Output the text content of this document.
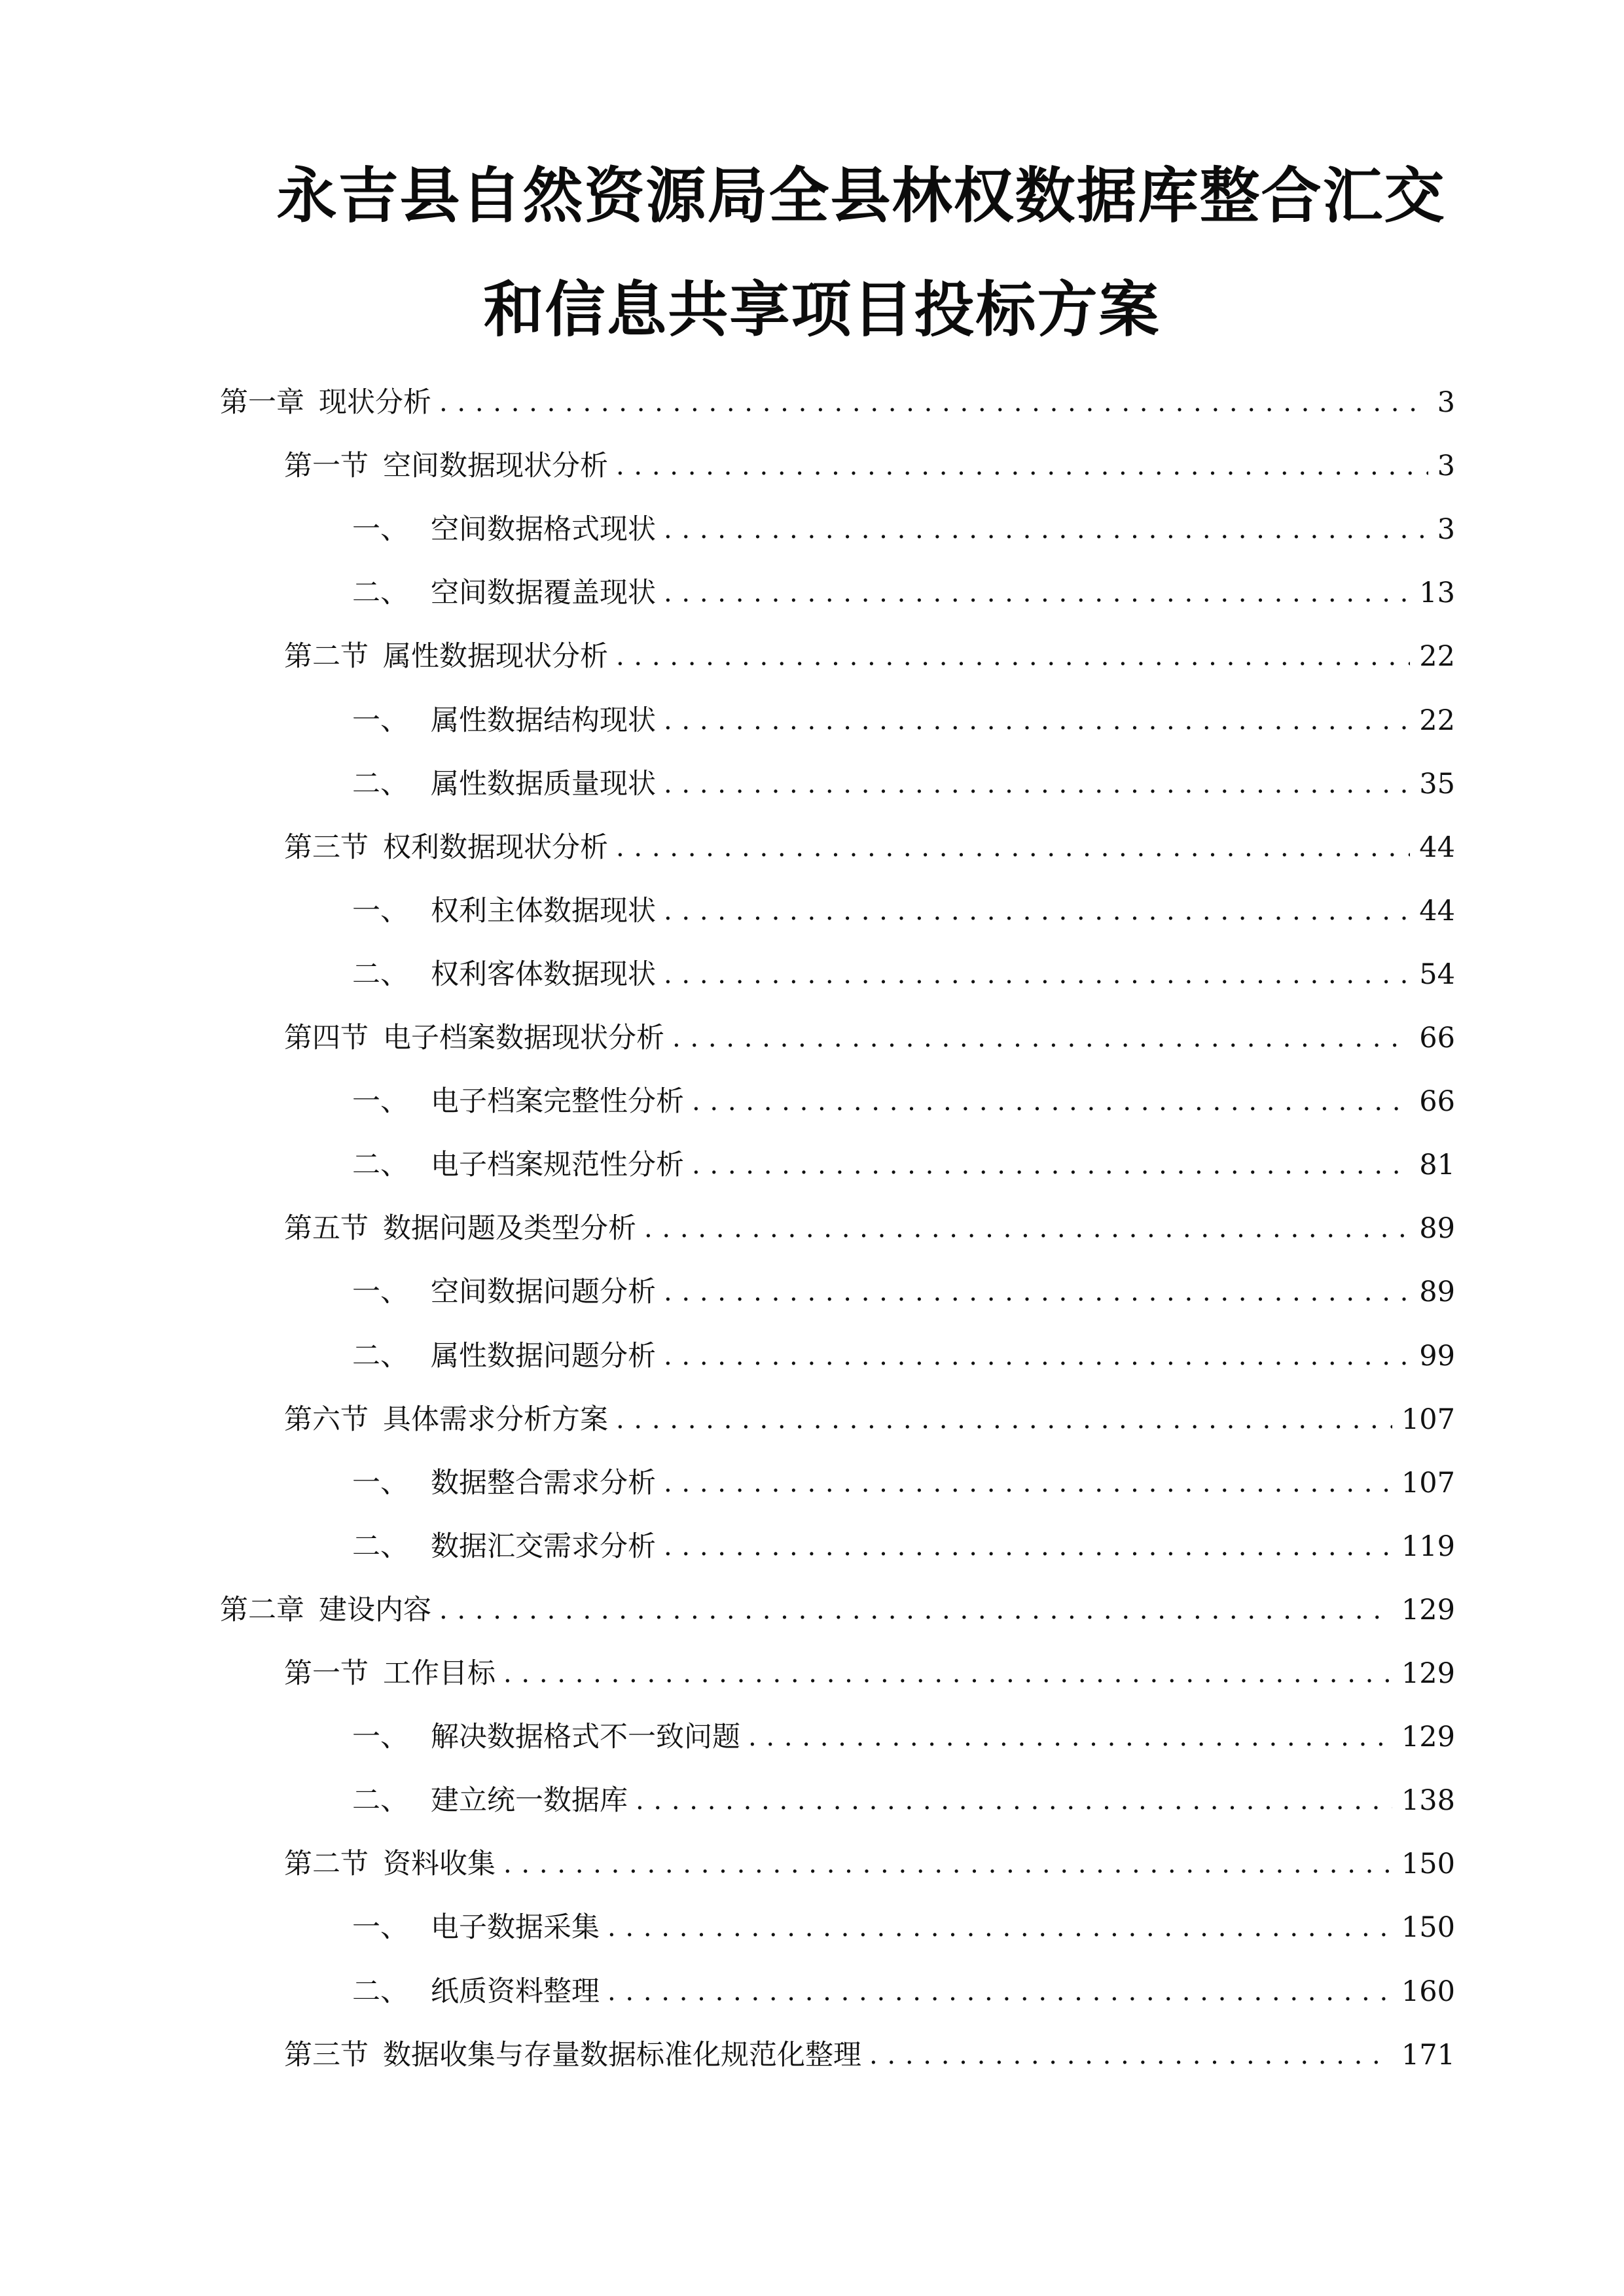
永吉县自然资源局全县林权数据库整合汇交
和信息共享项目投标方案
第一章 现状分析 . . .	3
第一节 空间数据现状分析 . . .	3
一、 空间数据格式现状 . . .	3
二、 空间数据覆盖现状 . . .	13
第二节 属性数据现状分析 . . .	22
一、 属性数据结构现状 . . .	22
二、 属性数据质量现状 . . .	35
第三节 权利数据现状分析 . . .	44
一、 权利主体数据现状 . . .	44
二、 权利客体数据现状 . . .	54
第四节 电子档案数据现状分析 . . .	66
一、 电子档案完整性分析 . . .	66
二、 电子档案规范性分析 . . .	81
第五节 数据问题及类型分析 . . .	89
一、 空间数据问题分析 . . .	89
二、 属性数据问题分析 . . .	99
第六节 具体需求分析方案 . . .	107
一、 数据整合需求分析 . . .	107
二、 数据汇交需求分析 . . .	119
第二章 建设内容 . . .	129
第一节 工作目标 . . .	129
一、 解决数据格式不一致问题 . . .	129
二、 建立统一数据库 . . .	138
第二节 资料收集 . . .	150
一、 电子数据采集 . . .	150
二、 纸质资料整理 . . .	160
第三节 数据收集与存量数据标准化规范化整理 . . .	171
